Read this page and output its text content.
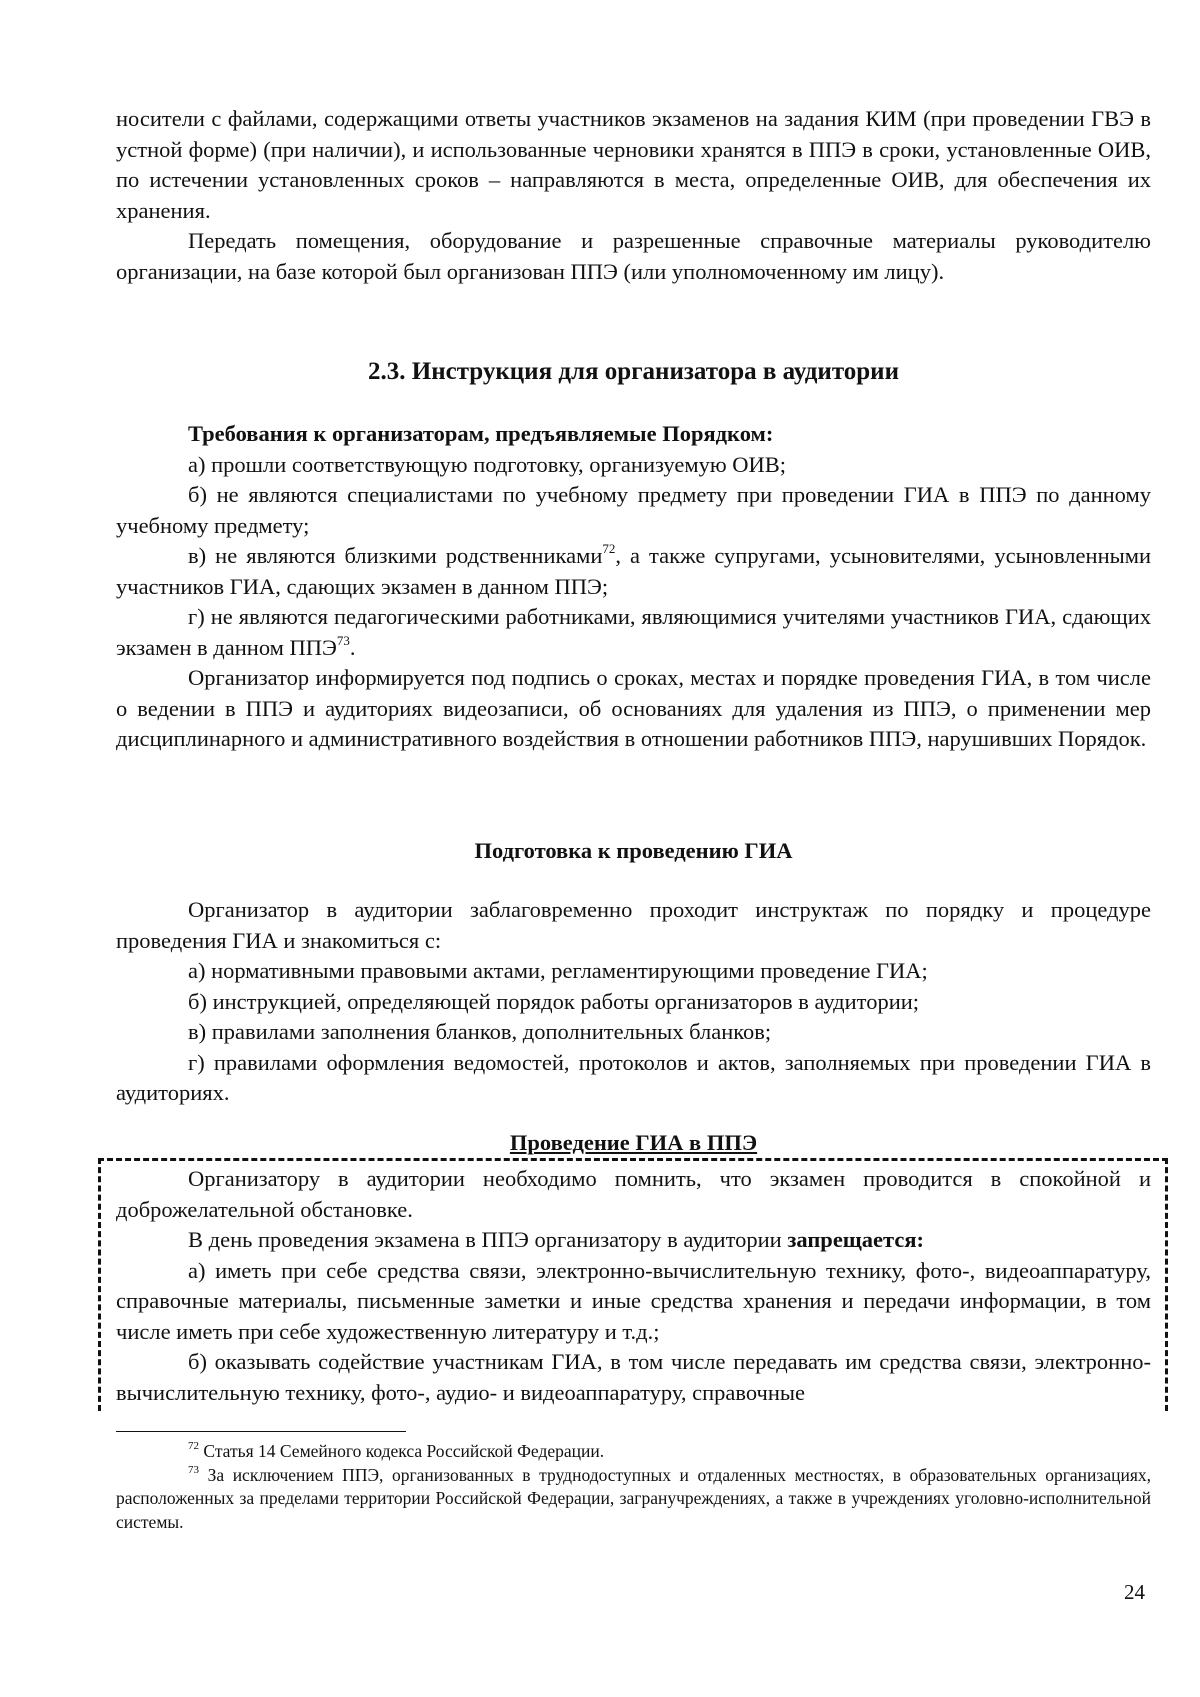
носители с файлами, содержащими ответы участников экзаменов на задания КИМ (при проведении ГВЭ в устной форме) (при наличии), и использованные черновики хранятся в ППЭ в сроки, установленные ОИВ, по истечении установленных сроков – направляются в места, определенные ОИВ, для обеспечения их хранения.

Передать помещения, оборудование и разрешенные справочные материалы руководителю организации, на базе которой был организован ППЭ (или уполномоченному им лицу).

2.3. Инструкция для организатора в аудитории

Требования к организаторам, предъявляемые Порядком:

а) прошли соответствующую подготовку, организуемую ОИВ;

б) не являются специалистами по учебному предмету при проведении ГИА в ППЭ по данному учебному предмету;

в) не являются близкими родственниками$^{72}$, а также супругами, усыновителями, усыновленными участников ГИА, сдающих экзамен в данном ППЭ;

г) не являются педагогическими работниками, являющимися учителями участников ГИА, сдающих экзамен в данном ППЭ$^{73}$.

Организатор информируется под подпись о сроках, местах и порядке проведения ГИА, в том числе о ведении в ППЭ и аудиториях видеозаписи, об основаниях для удаления из ППЭ, о применении мер дисциплинарного и административного воздействия в отношении работников ППЭ, нарушивших Порядок.

Подготовка к проведению ГИА

Организатор в аудитории заблаговременно проходит инструктаж по порядку и процедуре проведения ГИА и знакомиться с:

а) нормативными правовыми актами, регламентирующими проведение ГИА;

б) инструкцией, определяющей порядок работы организаторов в аудитории;

в) правилами заполнения бланков, дополнительных бланков;

г) правилами оформления ведомостей, протоколов и актов, заполняемых при проведении ГИА в аудиториях.

Проведение ГИА в ППЭ

Организатору в аудитории необходимо помнить, что экзамен проводится в спокойной и доброжелательной обстановке.

В день проведения экзамена в ППЭ организатору в аудитории запрещается:

а) иметь при себе средства связи, электронно-вычислительную технику, фото-, видеоаппаратуру, справочные материалы, письменные заметки и иные средства хранения и передачи информации, в том числе иметь при себе художественную литературу и т.д.;

б) оказывать содействие участникам ГИА, в том числе передавать им средства связи, электронно-вычислительную технику, фото-, аудио- и видеоаппаратуру, справочные

$^{72}$ Статья 14 Семейного кодекса Российской Федерации.

$^{73}$ За исключением ППЭ, организованных в труднодоступных и отдаленных местностях, в образовательных организациях, расположенных за пределами территории Российской Федерации, загранучреждениях, а также в учреждениях уголовно-исполнительной системы.

24
